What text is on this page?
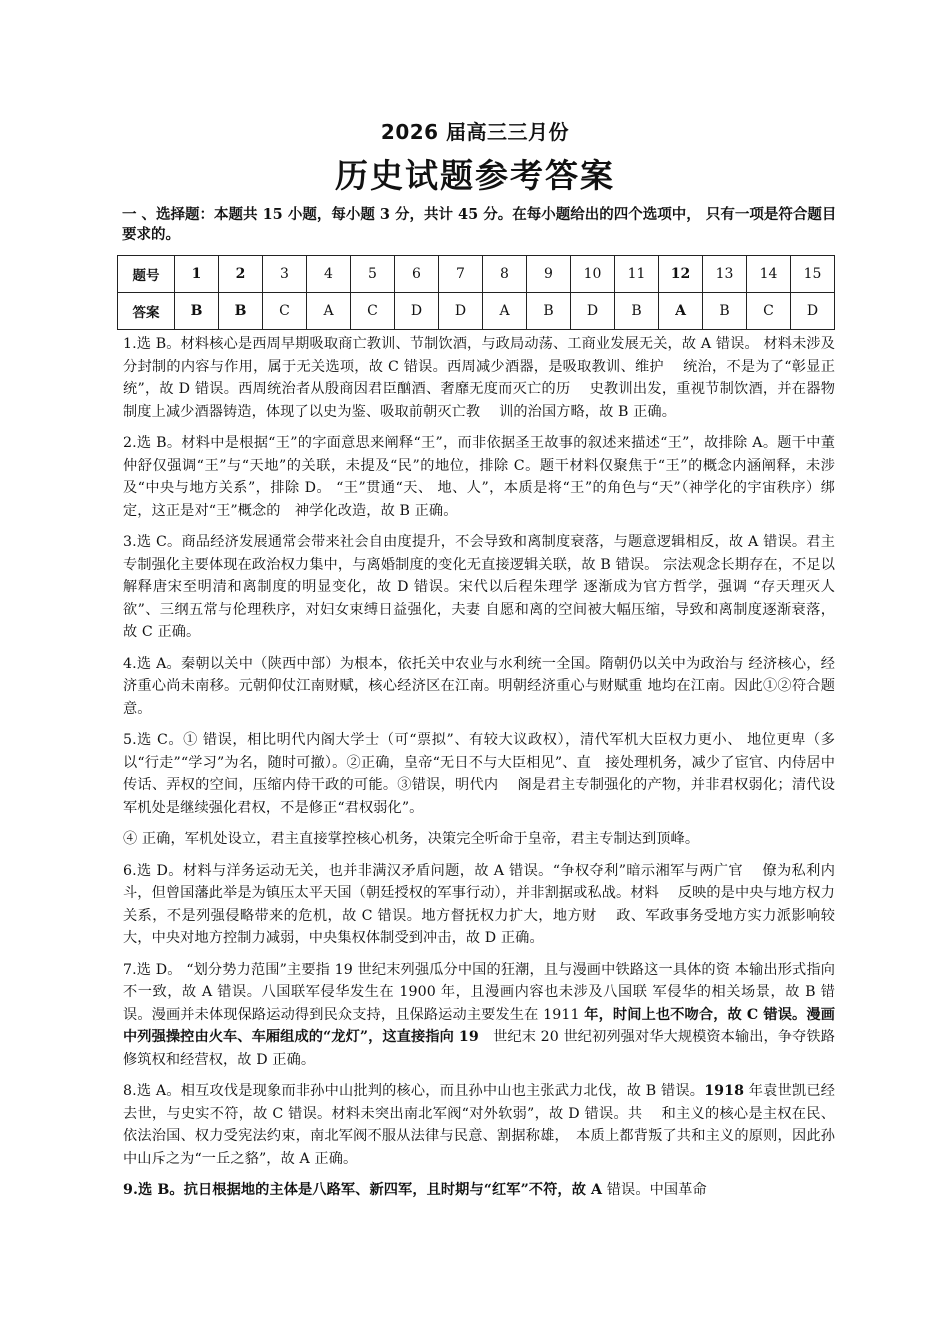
2026 届高三三月份
历史试题参考答案
一 、选择题：本题共 15 小题，每小题 3 分，共计 45 分。在每小题给出的四个选项中， 只有一项是符合题目要求的。
题号	1	2	3	4	5	6	7	8	9	10	11	12	13	14	15
答案	B	B	C	A	C	D	D	A	B	D	B	A	B	C	D

1.选 B。材料核心是西周早期吸取商亡教训、节制饮酒，与政局动荡、工商业发展无关，故 A 错误。 材料未涉及分封制的内容与作用，属于无关选项，故 C 错误。西周减少酒器，是吸取教训、维护　 统治，不是为了“彰显正统”，故 D 错误。西周统治者从殷商因君臣酗酒、奢靡无度而灭亡的历　 史教训出发，重视节制饮酒，并在器物制度上减少酒器铸造，体现了以史为鉴、吸取前朝灭亡教　 训的治国方略，故 B 正确。

2.选 B。材料中是根据“王”的字面意思来阐释“王”，而非依据圣王故事的叙述来描述“王”，故排除 A。题干中董仲舒仅强调“王”与“天地”的关联，未提及“民”的地位，排除 C。题干材料仅聚焦于“王”的概念内涵阐释，未涉及“中央与地方关系”，排除 D。 “王”贯通“天、 地、人”，本质是将“王”的角色与“天”（神学化的宇宙秩序）绑定，这正是对“王”概念的　神学化改造，故 B 正确。

3.选 C。商品经济发展通常会带来社会自由度提升，不会导致和离制度衰落，与题意逻辑相反，故 A 错误。君主专制强化主要体现在政治权力集中，与离婚制度的变化无直接逻辑关联，故 B 错误。 宗法观念长期存在，不足以解释唐宋至明清和离制度的明显变化，故 D 错误。宋代以后程朱理学 逐渐成为官方哲学，强调 “存天理灭人欲”、三纲五常与伦理秩序，对妇女束缚日益强化，夫妻 自愿和离的空间被大幅压缩，导致和离制度逐渐衰落，故 C 正确。

4.选 A。秦朝以关中（陕西中部）为根本，依托关中农业与水利统一全国。隋朝仍以关中为政治与 经济核心，经济重心尚未南移。元朝仰仗江南财赋，核心经济区在江南。明朝经济重心与财赋重 地均在江南。因此①②符合题意。

5.选 C。① 错误，相比明代内阁大学士（可“票拟”、有较大议政权），清代军机大臣权力更小、 地位更卑（多以“行走”“学习”为名，随时可撤）。②正确，皇帝“无日不与大臣相见”、直　接处理机务，减少了宦官、内侍居中传话、弄权的空间，压缩内侍干政的可能。③错误，明代内　 阁是君主专制强化的产物，并非君权弱化；清代设军机处是继续强化君权，不是修正“君权弱化”。

④ 正确，军机处设立，君主直接掌控核心机务，决策完全听命于皇帝，君主专制达到顶峰。

6.选 D。材料与洋务运动无关，也并非满汉矛盾问题，故 A 错误。“争权夺利”暗示湘军与两广官　 僚为私利内斗，但曾国藩此举是为镇压太平天国（朝廷授权的军事行动），并非割据或私战。材料　 反映的是中央与地方权力关系，不是列强侵略带来的危机，故 C 错误。地方督抚权力扩大，地方财　 政、军政事务受地方实力派影响较大，中央对地方控制力减弱，中央集权体制受到冲击，故 D 正确。

7.选 D。 “划分势力范围”主要指 19 世纪末列强瓜分中国的狂潮，且与漫画中铁路这一具体的资 本输出形式指向不一致，故 A 错误。八国联军侵华发生在 1900 年，且漫画内容也未涉及八国联 军侵华的相关场景，故 B 错误。漫画并未体现保路运动得到民众支持，且保路运动主要发生在 1911 年，时间上也不吻合，故 C 错误。漫画中列强操控由火车、车厢组成的“龙灯”，这直接指向 19　世纪末 20 世纪初列强对华大规模资本输出，争夺铁路修筑权和经营权，故 D 正确。

8.选 A。相互攻伐是现象而非孙中山批判的核心，而且孙中山也主张武力北伐，故 B 错误。1918 年袁世凯已经去世，与史实不符，故 C 错误。材料未突出南北军阀“对外软弱”，故 D 错误。共　 和主义的核心是主权在民、依法治国、权力受宪法约束，南北军阀不服从法律与民意、割据称雄，　本质上都背叛了共和主义的原则，因此孙中山斥之为“一丘之貉”，故 A 正确。

9.选 B。抗日根据地的主体是八路军、新四军，且时期与“红军”不符，故 A 错误。中国革命
